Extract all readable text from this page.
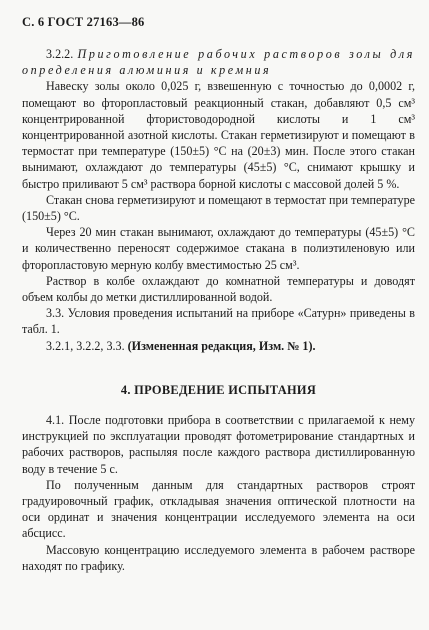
С. 6 ГОСТ 27163—86

3.2.2. Приготовление рабочих растворов золы для определения алюминия и кремния

Навеску золы около 0,025 г, взвешенную с точностью до 0,0002 г, помещают во фторопластовый реакционный стакан, добавляют 0,5 см³ концентрированной фтористоводородной кислоты и 1 см³ концентрированной азотной кислоты. Стакан герметизируют и помещают в термостат при температуре (150±5) °С на (20±3) мин. После этого стакан вынимают, охлаждают до температуры (45±5) °С, снимают крышку и быстро приливают 5 см³ раствора борной кислоты с массовой долей 5 %.

Стакан снова герметизируют и помещают в термостат при температуре (150±5) °С.

Через 20 мин стакан вынимают, охлаждают до температуры (45±5) °С и количественно переносят содержимое стакана в полиэтиленовую или фторопластовую мерную колбу вместимостью 25 см³.

Раствор в колбе охлаждают до комнатной температуры и доводят объем колбы до метки дистиллированной водой.

3.3. Условия проведения испытаний на приборе «Сатурн» приведены в табл. 1.

3.2.1, 3.2.2, 3.3. (Измененная редакция, Изм. № 1).

4. ПРОВЕДЕНИЕ ИСПЫТАНИЯ

4.1. После подготовки прибора в соответствии с прилагаемой к нему инструкцией по эксплуатации проводят фотометрирование стандартных и рабочих растворов, распыляя после каждого раствора дистиллированную воду в течение 5 с.

По полученным данным для стандартных растворов строят градуировочный график, откладывая значения оптической плотности на оси ординат и значения концентрации исследуемого элемента на оси абсцисс.

Массовую концентрацию исследуемого элемента в рабочем растворе находят по графику.
